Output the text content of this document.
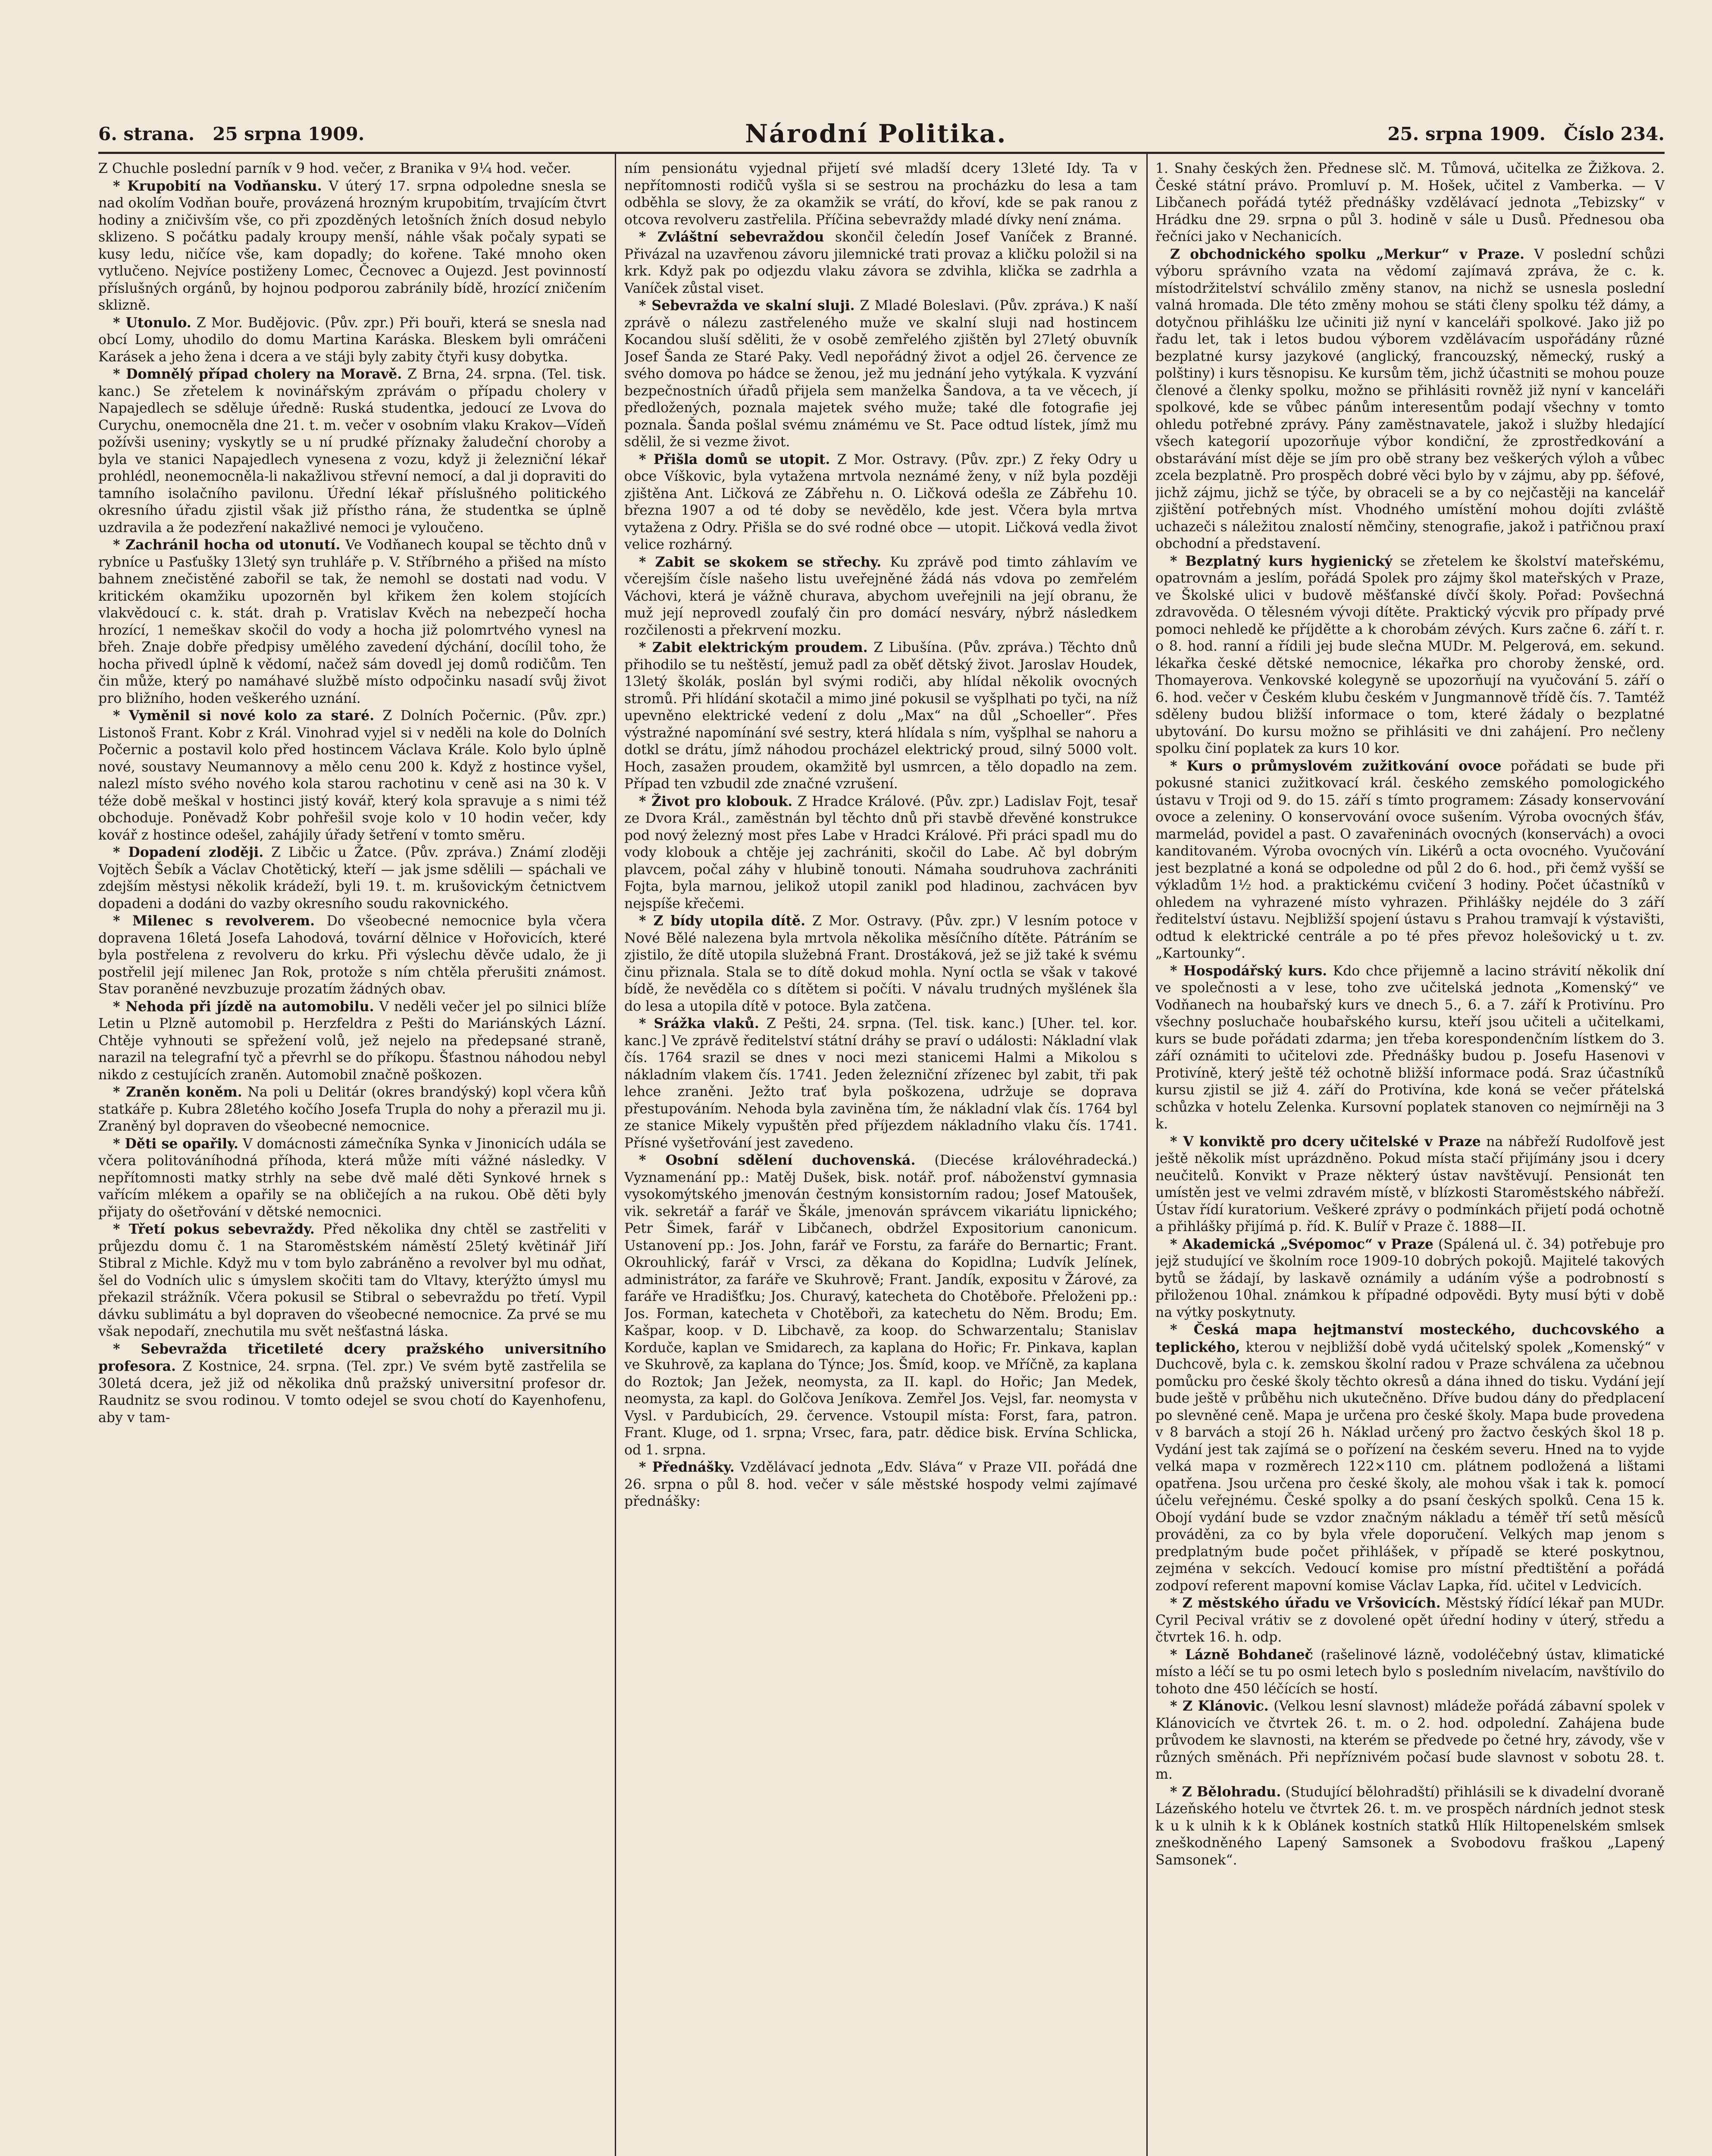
6. strana. 25 srpna 1909.	Národní Politika.	25. srpna 1909. Číslo 234.

Z Chuchle poslední parník v 9 hod. večer, z Branika v 9¼ hod. večer.

* Krupobití na Vodňansku. V úterý 17. srpna odpoledne snesla se nad okolím Vodňan bouře, provázená hrozným krupobitím, trvajícím čtvrt hodiny a zničivším vše, co při zpozděných letošních žních dosud nebylo sklizeno. S počátku padaly kroupy menší, náhle však počaly sypati se kusy ledu, ničíce vše, kam dopadly; do kořene. Také mnoho oken vytlučeno. Nejvíce postiženy Lomec, Čecnovec a Oujezd. Jest povinností příslušných orgánů, by hojnou podporou zabránily bídě, hrozící zničením sklizně.

* Utonulo. Z Mor. Budějovic. (Pův. zpr.) Při bouři, která se snesla nad obcí Lomy, uhodilo do domu Martina Karáska. Bleskem byli omráčeni Karásek a jeho žena i dcera a ve stáji byly zabity čtyři kusy dobytka.

* Domnělý případ cholery na Moravě. Z Brna, 24. srpna. (Tel. tisk. kanc.) Se zřetelem k novinářským zprávám o případu cholery v Napajedlech se sděluje úředně: Ruská studentka, jedoucí ze Lvova do Curychu, onemocněla dne 21. t. m. večer v osobním vlaku Krakov—Vídeň požívši useniny; vyskytly se u ní prudké příznaky žaludeční choroby a byla ve stanici Napajedlech vynesena z vozu, když ji železniční lékař prohlédl, neonemocněla-li nakažlivou střevní nemocí, a dal ji dopraviti do tamního isolačního pavilonu. Úřední lékař příslušného politického okresního úřadu zjistil však již přístho rána, že studentka se úplně uzdravila a že podezření nakažlivé nemoci je vyloučeno.

* Zachránil hocha od utonutí. Ve Vodňanech koupal se těchto dnů v rybníce u Pasťušky 13letý syn truhláře p. V. Stříbrného a přišed na místo bahnem znečistěné zabořil se tak, že nemohl se dostati nad vodu. V kritickém okamžiku upozorněn byl křikem žen kolem stojících vlakvědoucí c. k. stát. drah p. Vratislav Kvěch na nebezpečí hocha hrozící, 1 nemeškav skočil do vody a hocha již polomrtvého vynesl na břeh. Znaje dobře předpisy umělého zavedení dýchání, docílil toho, že hocha přivedl úplně k vědomí, načež sám dovedl jej domů rodičům. Ten čin může, který po namáhavé službě místo odpočinku nasadí svůj život pro bližního, hoden veškerého uznání.

* Vyměnil si nové kolo za staré. Z Dolních Počernic. (Pův. zpr.) Listonoš Frant. Kobr z Král. Vinohrad vyjel si v neděli na kole do Dolních Počernic a postavil kolo před hostincem Václava Krále. Kolo bylo úplně nové, soustavy Neumannovy a mělo cenu 200 k. Když z hostince vyšel, nalezl místo svého nového kola starou rachotinu v ceně asi na 30 k. V téže době meškal v hostinci jistý kovář, který kola spravuje a s nimi též obchoduje. Poněvadž Kobr pohřešil svoje kolo v 10 hodin večer, kdy kovář z hostince odešel, zahájily úřady šetření v tomto směru.

* Dopadení zloději. Z Libčic u Žatce. (Pův. zpráva.) Známí zloději Vojtěch Šebík a Václav Chotětický, kteří — jak jsme sdělili — spáchali ve zdejším městysi několik krádeží, byli 19. t. m. krušovickým četnictvem dopadeni a dodáni do vazby okresního soudu rakovnického.

* Milenec s revolverem. Do všeobecné nemocnice byla včera dopravena 16letá Josefa Lahodová, tovární dělnice v Hořovicích, které byla postřelena z revolveru do krku. Při výslechu děvče udalo, že ji postřelil její milenec Jan Rok, protože s ním chtěla přerušiti známost. Stav poraněné nevzbuzuje prozatím žádných obav.

* Nehoda při jízdě na automobilu. V neděli večer jel po silnici blíže Letin u Plzně automobil p. Herzfeldra z Pešti do Mariánských Lázní. Chtěje vyhnouti se spřežení volů, jež nejelo na předepsané straně, narazil na telegrafní tyč a převrhl se do příkopu. Šťastnou náhodou nebyl nikdo z cestujících zraněn. Automobil značně poškozen.

* Zraněn koněm. Na poli u Delitár (okres brandýský) kopl včera kůň statkáře p. Kubra 28letého kočího Josefa Trupla do nohy a přerazil mu ji. Zraněný byl dopraven do všeobecné nemocnice.

* Děti se opařily. V domácnosti zámečníka Synka v Jinonicích udála se včera politováníhodná příhoda, která může míti vážné následky. V nepřítomnosti matky strhly na sebe dvě malé děti Synkové hrnek s vařícím mlékem a opařily se na obličejích a na rukou. Obě děti byly přijaty do ošetřování v dětské nemocnici.

* Třetí pokus sebevraždy. Před několika dny chtěl se zastřeliti v průjezdu domu č. 1 na Staroměstském náměstí 25letý květinář Jiří Stibral z Michle. Když mu v tom bylo zabráněno a revolver byl mu odňat, šel do Vodních ulic s úmyslem skočiti tam do Vltavy, kterýžto úmysl mu překazil strážník. Včera pokusil se Stibral o sebevraždu po třetí. Vypil dávku sublimátu a byl dopraven do všeobecné nemocnice. Za prvé se mu však nepodaří, znechutila mu svět nešťastná láska.

* Sebevražda třicetileté dcery pražského universitního profesora. Z Kostnice, 24. srpna. (Tel. zpr.) Ve svém bytě zastřelila se 30letá dcera, jež již od několika dnů pražský universitní profesor dr. Raudnitz se svou rodinou. V tomto odejel se svou chotí do Kayenhofenu, aby v tam-

ním pensionátu vyjednal přijetí své mladší dcery 13leté Idy. Ta v nepřítomnosti rodičů vyšla si se sestrou na procházku do lesa a tam odběhla se slovy, že za okamžik se vrátí, do křoví, kde se pak ranou z otcova revolveru zastřelila. Příčina sebevraždy mladé dívky není známa.

* Zvláštní sebevraždou skončil čeledín Josef Vaníček z Branné. Přivázal na uzavřenou závoru jilemnické trati provaz a kličku položil si na krk. Když pak po odjezdu vlaku závora se zdvihla, klička se zadrhla a Vaníček zůstal viset.

* Sebevražda ve skalní sluji. Z Mladé Boleslavi. (Pův. zpráva.) K naší zprávě o nálezu zastřeleného muže ve skalní sluji nad hostincem Kocandou sluší sděliti, že v osobě zemřelého zjištěn byl 27letý obuvník Josef Šanda ze Staré Paky. Vedl nepořádný život a odjel 26. července ze svého domova po hádce se ženou, jež mu jednání jeho vytýkala. K vyzvání bezpečnostních úřadů přijela sem manželka Šandova, a ta ve věcech, jí předložených, poznala majetek svého muže; také dle fotografie jej poznala. Šanda pošlal svému známému ve St. Pace odtud lístek, jímž mu sdělil, že si vezme život.

* Přišla domů se utopit. Z Mor. Ostravy. (Pův. zpr.) Z řeky Odry u obce Víškovic, byla vytažena mrtvola neznámé ženy, v níž byla později zjištěna Ant. Ličková ze Zábřehu n. O. Ličková odešla ze Zábřehu 10. března 1907 a od té doby se nevědělo, kde jest. Včera byla mrtva vytažena z Odry. Přišla se do své rodné obce — utopit. Ličková vedla život velice rozhárný.

* Zabit se skokem se střechy. Ku zprávě pod timto záhlavím ve včerejším čísle našeho listu uveřejněné žádá nás vdova po zemřelém Váchovi, která je vážně churava, abychom uveřejnili na její obranu, že muž její neprovedl zoufalý čin pro domácí nesváry, nýbrž následkem rozčilenosti a překrvení mozku.

* Zabit elektrickým proudem. Z Libušína. (Pův. zpráva.) Těchto dnů přihodilo se tu neštěstí, jemuž padl za oběť dětský život. Jaroslav Houdek, 13letý školák, poslán byl svými rodiči, aby hlídal několik ovocných stromů. Při hlídání skotačil a mimo jiné pokusil se vyšplhati po tyči, na níž upevněno elektrické vedení z dolu „Max“ na důl „Schoeller“. Přes výstražné napomínání své sestry, která hlídala s ním, vyšplhal se nahoru a dotkl se drátu, jímž náhodou procházel elektrický proud, silný 5000 volt. Hoch, zasažen proudem, okamžitě byl usmrcen, a tělo dopadlo na zem. Případ ten vzbudil zde značné vzrušení.

* Život pro klobouk. Z Hradce Králové. (Pův. zpr.) Ladislav Fojt, tesař ze Dvora Král., zaměstnán byl těchto dnů při stavbě dřevěné konstrukce pod nový železný most přes Labe v Hradci Králové. Při práci spadl mu do vody klobouk a chtěje jej zachrániti, skočil do Labe. Ač byl dobrým plavcem, počal záhy v hlubině tonouti. Námaha soudruhova zachrániti Fojta, byla marnou, jelikož utopil zanikl pod hladinou, zachvácen byv nejspíše křečemi.

* Z bídy utopila dítě. Z Mor. Ostravy. (Pův. zpr.) V lesním potoce v Nové Bělé nalezena byla mrtvola několika měsíčního dítěte. Pátráním se zjistilo, že dítě utopila služebná Frant. Drostáková, jež se již také k svému činu přiznala. Stala se to dítě dokud mohla. Nyní octla se však v takové bídě, že nevěděla co s dítětem si počíti. V návalu trudných myšlének šla do lesa a utopila dítě v potoce. Byla zatčena.

* Srážka vlaků. Z Pešti, 24. srpna. (Tel. tisk. kanc.) [Uher. tel. kor. kanc.] Ve zprávě ředitelství státní dráhy se praví o události: Nákladní vlak čís. 1764 srazil se dnes v noci mezi stanicemi Halmi a Mikolou s nákladním vlakem čís. 1741. Jeden železniční zřízenec byl zabit, tři pak lehce zraněni. Ježto trať byla poškozena, udržuje se doprava přestupováním. Nehoda byla zaviněna tím, že nákladní vlak čís. 1764 byl ze stanice Mikely vypuštěn před příjezdem nákladního vlaku čís. 1741. Přísné vyšetřování jest zavedeno.

* Osobní sdělení duchovenská. (Diecése královéhradecká.) Vyznamenání pp.: Matěj Dušek, bisk. notář. prof. náboženství gymnasia vysokomýtského jmenován čestným konsistorním radou; Josef Matoušek, vik. sekretář a farář ve Škále, jmenován správcem vikariátu lipnického; Petr Šimek, farář v Libčanech, obdržel Expositorium canonicum. Ustanovení pp.: Jos. John, farář ve Forstu, za faráře do Bernartic; Frant. Okrouhlický, farář v Vrsci, za děkana do Kopidlna; Ludvík Jelínek, administrátor, za faráře ve Skuhrově; Frant. Jandík, expositu v Žárové, za faráře ve Hradišťku; Jos. Churavý, katecheta do Chotěboře. Přeloženi pp.: Jos. Forman, katecheta v Chotěboři, za katechetu do Něm. Brodu; Em. Kašpar, koop. v D. Libchavě, za koop. do Schwarzentalu; Stanislav Korduče, kaplan ve Smidarech, za kaplana do Hořic; Fr. Pinkava, kaplan ve Skuhrově, za kaplana do Týnce; Jos. Šmíd, koop. ve Mříčně, za kaplana do Roztok; Jan Ježek, neomysta, za II. kapl. do Hořic; Jan Medek, neomysta, za kapl. do Golčova Jeníkova. Zemřel Jos. Vejsl, far. neomysta v Vysl. v Pardubicích, 29. července. Vstoupil místa: Forst, fara, patron. Frant. Kluge, od 1. srpna; Vrsec, fara, patr. dědice bisk. Ervína Schlicka, od 1. srpna.

* Přednášky. Vzdělávací jednota „Edv. Sláva“ v Praze VII. pořádá dne 26. srpna o půl 8. hod. večer v sále městské hospody velmi zajímavé přednášky:

1. Snahy českých žen. Přednese slč. M. Tůmová, učitelka ze Žižkova. 2. České státní právo. Promluví p. M. Hošek, učitel z Vamberka. — V Libčanech pořádá tytéž přednášky vzdělávací jednota „Tebizsky“ v Hrádku dne 29. srpna o půl 3. hodině v sále u Dusů. Přednesou oba řečníci jako v Nechanicích.

Z obchodnického spolku „Merkur“ v Praze. V poslední schůzi výboru správního vzata na vědomí zajímavá zpráva, že c. k. místodržitelství schválilo změny stanov, na nichž se usnesla poslední valná hromada. Dle této změny mohou se státi členy spolku též dámy, a dotyčnou přihlášku lze učiniti již nyní v kanceláři spolkové. Jako již po řadu let, tak i letos budou výborem vzdělávacím uspořádány různé bezplatné kursy jazykové (anglický, francouzský, německý, ruský a polštiny) i kurs těsnopisu. Ke kursům těm, jichž účastniti se mohou pouze členové a členky spolku, možno se přihlásiti rovněž již nyní v kanceláři spolkové, kde se vůbec pánům interesentům podají všechny v tomto ohledu potřebné zprávy. Pány zaměstnavatele, jakož i služby hledající všech kategorií upozorňuje výbor kondiční, že zprostředkování a obstarávání míst děje se jím pro obě strany bez veškerých výloh a vůbec zcela bezplatně. Pro prospěch dobré věci bylo by v zájmu, aby pp. šéfové, jichž zájmu, jichž se týče, by obraceli se a by co nejčastěji na kancelář zjištění potřebných míst. Vhodného umístění mohou dojíti zvláště uchazeči s náležitou znalostí němčiny, stenografie, jakož i patřičnou praxí obchodní a představení.

* Bezplatný kurs hygienický se zřetelem ke školství mateřskému, opatrovnám a jeslím, pořádá Spolek pro zájmy škol mateřských v Praze, ve Školské ulici v budově měšťanské dívčí školy. Pořad: Povšechná zdravověda. O tělesném vývoji dítěte. Praktický výcvik pro případy prvé pomoci nehledě ke příjdětte a k chorobám zévých. Kurs začne 6. září t. r. o 8. hod. ranní a řídili jej bude slečna MUDr. M. Pelgerová, em. sekund. lékařka české dětské nemocnice, lékařka pro choroby ženské, ord. Thomayerova. Venkovské kolegyně se upozorňují na vyučování 5. září o 6. hod. večer v Českém klubu českém v Jungmannově třídě čís. 7. Tamtéž sděleny budou bližší informace o tom, které žádaly o bezplatné ubytování. Do kursu možno se přihlásiti ve dni zahájení. Pro nečleny spolku činí poplatek za kurs 10 kor.

* Kurs o průmyslovém zužitkování ovoce pořádati se bude při pokusné stanici zužitkovací král. českého zemského pomologického ústavu v Troji od 9. do 15. září s tímto programem: Zásady konservování ovoce a zeleniny. O konservování ovoce sušením. Výroba ovocných šťáv, marmelád, povidel a past. O zavařeninách ovocných (konservách) a ovoci kanditovaném. Výroba ovocných vín. Likérů a octa ovocného. Vyučování jest bezplatné a koná se odpoledne od půl 2 do 6. hod., při čemž vyšší se výkladům 1½ hod. a praktickému cvičení 3 hodiny. Počet účastníků v ohledem na vyhrazené místo vyhrazen. Přihlášky nejdéle do 3 září ředitelství ústavu. Nejbližší spojení ústavu s Prahou tramvají k výstavišti, odtud k elektrické centrále a po té přes převoz holešovický u t. zv. „Kartounky“.

* Hospodářský kurs. Kdo chce přijemně a lacino strávití několik dní ve společnosti a v lese, toho zve učitelská jednota „Komenský“ ve Vodňanech na houbařský kurs ve dnech 5., 6. a 7. září k Protivínu. Pro všechny posluchače houbařského kursu, kteří jsou učiteli a učitelkami, kurs se bude pořádati zdarma; jen třeba korespondenčním lístkem do 3. září oznámiti to učitelovi zde. Přednášky budou p. Josefu Hasenovi v Protivíně, který ještě též ochotně bližší informace podá. Sraz účastníků kursu zjistil se již 4. září do Protivína, kde koná se večer přátelská schůzka v hotelu Zelenka. Kursovní poplatek stanoven co nejmírněji na 3 k.

* V konviktě pro dcery učitelské v Praze na nábřeží Rudolfově jest ještě několik míst uprázdněno. Pokud místa stačí přijímány jsou i dcery neučitelů. Konvikt v Praze některý ústav navštěvují. Pensionát ten umístěn jest ve velmi zdravém místě, v blízkosti Staroměstského nábřeží. Ústav řídí kuratorium. Veškeré zprávy o podmínkách přijetí podá ochotně a přihlášky přijímá p. říd. K. Bulíř v Praze č. 1888—II.

* Akademická „Svépomoc“ v Praze (Spálená ul. č. 34) potřebuje pro jejž studující ve školním roce 1909-10 dobrých pokojů. Majitelé takových bytů se žádají, by laskavě oznámily a udáním výše a podrobností s přiloženou 10hal. známkou k případné odpovědi. Byty musí býti v době na výtky poskytnuty.

* Česká mapa hejtmanství mosteckého, duchcovského a teplického, kterou v nejbližší době vydá učitelský spolek „Komenský“ v Duchcově, byla c. k. zemskou školní radou v Praze schválena za učebnou pomůcku pro české školy těchto okresů a dána ihned do tisku. Vydání její bude ještě v průběhu nich ukutečněno. Dříve budou dány do předplacení po slevněné ceně. Mapa je určena pro české školy. Mapa bude provedena v 8 barvách a stojí 26 h. Náklad určený pro žactvo českých škol 18 p. Vydání jest tak zajímá se o pořízení na českém severu. Hned na to vyjde velká mapa v rozměrech 122×110 cm. plátnem podložená a lištami opatřena. Jsou určena pro české školy, ale mohou však i tak k. pomocí účelu veřejnému. České spolky a do psaní českých spolků. Cena 15 k. Obojí vydání bude se vzdor značným nákladu a téměř tří setů měsíců prováděni, za co by byla vřele doporučení. Velkých map jenom s predplatným bude počet přihlášek, v případě se které poskytnou, zejména v sekcích. Vedoucí komise pro místní předtištění a pořádá zodpoví referent mapovní komise Václav Lapka, říd. učitel v Ledvicích.

* Z městského úřadu ve Vršovicích. Městský řídící lékař pan MUDr. Cyril Pecival vrátiv se z dovolené opět úřední hodiny v úterý, středu a čtvrtek 16. h. odp.

* Lázně Bohdaneč (rašelinové lázně, vodoléčebný ústav, klimatické místo a léčí se tu po osmi letech bylo s posledním nivelacím, navštívilo do tohoto dne 450 léčících se hostí.

* Z Klánovic. (Velkou lesní slavnost) mládeže pořádá zábavní spolek v Klánovicích ve čtvrtek 26. t. m. o 2. hod. odpolední. Zahájena bude průvodem ke slavnosti, na kterém se předvede po četné hry, závody, vše v různých směnách. Při nepříznivém počasí bude slavnost v sobotu 28. t. m.

* Z Bělohradu. (Studující bělohradští) přihlásili se k divadelní dvoraně Lázeňského hotelu ve čtvrtek 26. t. m. ve prospěch nárdních jednot stesk k u k ulnih k k k Oblánek kostních statků Hlík Hiltopenelském smlsek zneškodněného Lapený Samsonek a Svobodovu fraškou „Lapený Samsonek“.
